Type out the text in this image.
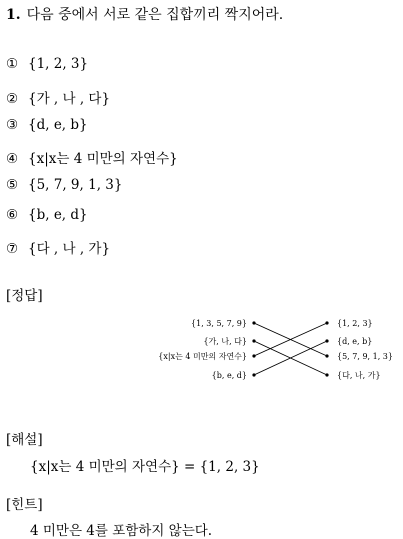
1. 다음 중에서 서로 같은 집합끼리 짝지어라.
① {1, 2, 3}
② {가 , 나 , 다}
③ {d, e, b}
④ {x|x는 4 미만의 자연수}
⑤ {5, 7, 9, 1, 3}
⑥ {b, e, d}
⑦ {다 , 나 , 가}
[정답]
{1, 3, 5, 7, 9}
{가, 나, 다}
{x|x는 4 미만의 자연수}
{b, e, d}
{1, 2, 3}
{d, e, b}
{5, 7, 9, 1, 3}
{다, 나, 가}
[해설]
{x|x는 4 미만의 자연수} = {1, 2, 3}
[힌트]
4 미만은 4를 포함하지 않는다.
